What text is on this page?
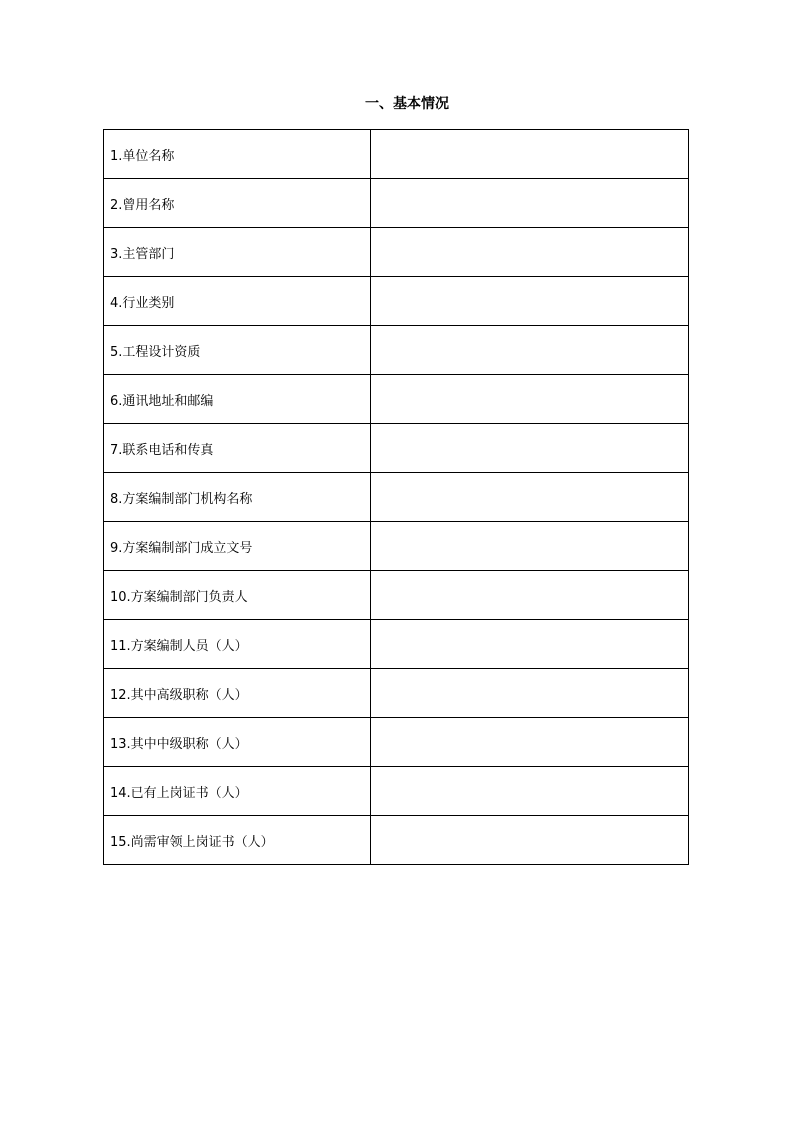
一、基本情况
1.单位名称	
2.曾用名称	
3.主管部门	
4.行业类别	
5.工程设计资质	
6.通讯地址和邮编	
7.联系电话和传真	
8.方案编制部门机构名称	
9.方案编制部门成立文号	
10.方案编制部门负责人	
11.方案编制人员（人）	
12.其中高级职称（人）	
13.其中中级职称（人）	
14.已有上岗证书（人）	
15.尚需审领上岗证书（人）	
